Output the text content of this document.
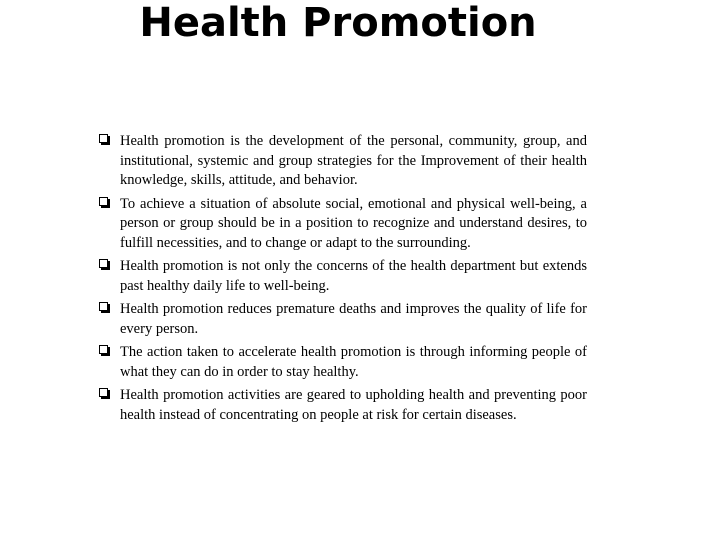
Health Promotion
Health promotion is the development of the personal, community, group, and institutional, systemic and group strategies for the Improvement of their health knowledge, skills, attitude, and behavior.
To achieve a situation of absolute social, emotional and physical well-being, a person or group should be in a position to recognize and understand desires, to fulfill necessities, and to change or adapt to the surrounding.
Health promotion is not only the concerns of the health department but extends past healthy daily life to well-being.
Health promotion reduces premature deaths and improves the quality of life for every person.
The action taken to accelerate health promotion is through informing people of what they can do in order to stay healthy.
Health promotion activities are geared to upholding health and preventing poor health instead of concentrating on people at risk for certain diseases.
